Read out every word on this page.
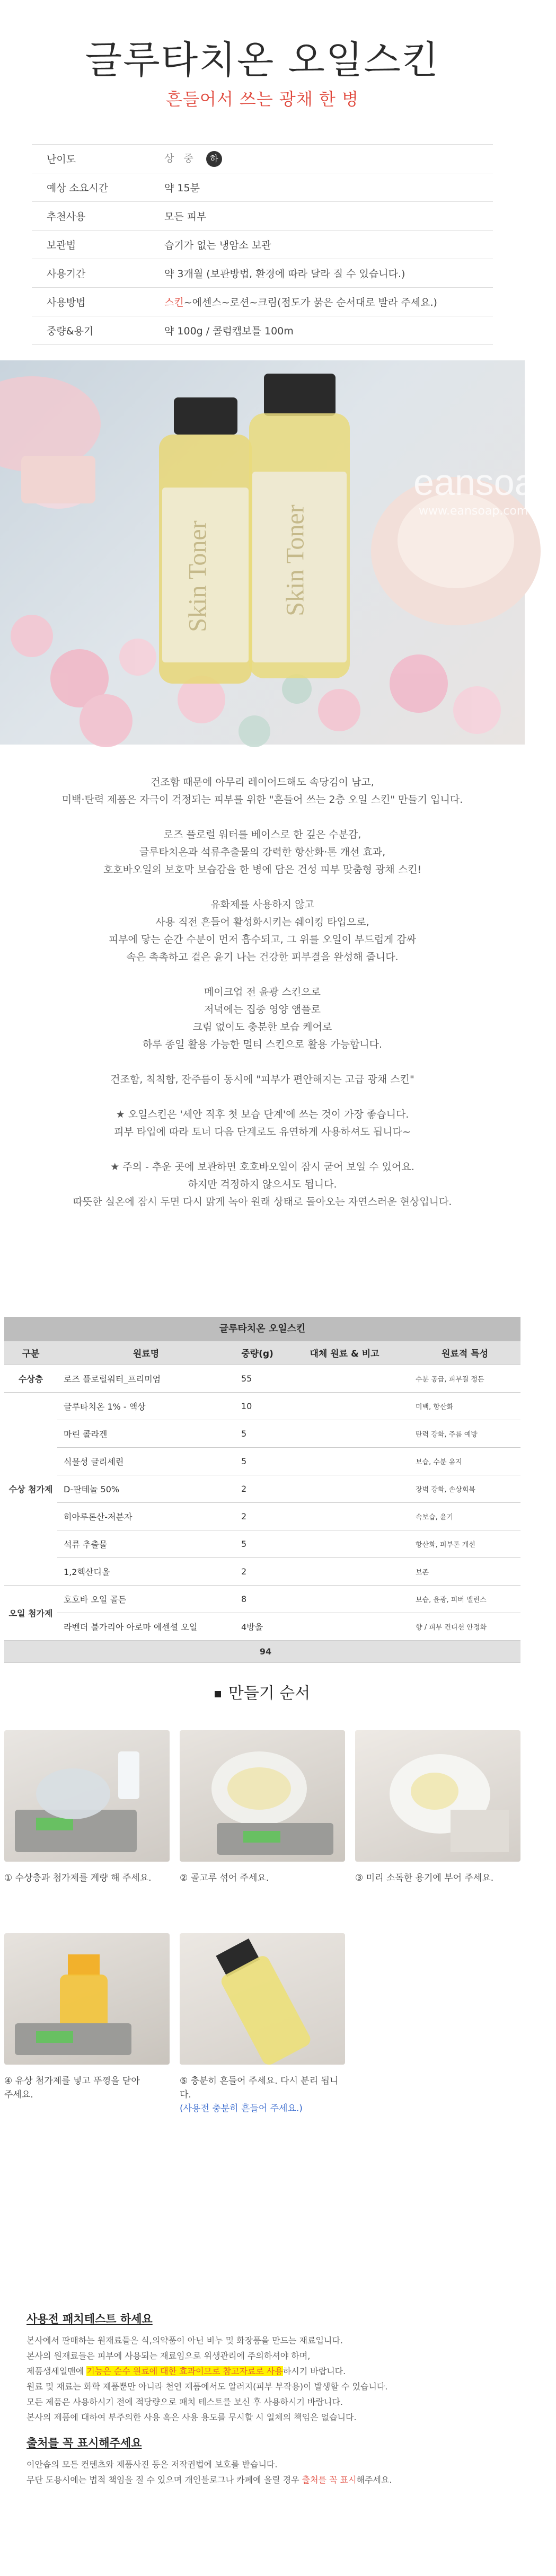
글루타치온 오일스킨
흔들어서 쓰는 광채 한 병
난이도	상 중 하
예상 소요시간	약 15분
추천사용	모든 피부
보관법	습기가 없는 냉암소 보관
사용기간	약 3개월 (보관방법, 환경에 따라 달라 질 수 있습니다.)
사용방법	스킨~에센스~로션~크림(점도가 묽은 순서대로 발라 주세요.)
중량&용기	약 100g / 콜럼캡보틀 100m
Skin Toner	Skin Toner
eansoap
www.eansoap.com

건조함 때문에 아무리 레이어드해도 속당김이 남고,
미백·탄력 제품은 자극이 걱정되는 피부를 위한 "흔들어 쓰는 2층 오일 스킨" 만들기 입니다.

로즈 플로럴 워터를 베이스로 한 깊은 수분감,
글루타치온과 석류추출물의 강력한 항산화·톤 개선 효과,
호호바오일의 보호막 보습감을 한 병에 담은 건성 피부 맞춤형 광채 스킨!

유화제를 사용하지 않고
사용 직전 흔들어 활성화시키는 쉐이킹 타입으로,
피부에 닿는 순간 수분이 먼저 흡수되고, 그 위를 오일이 부드럽게 감싸
속은 촉촉하고 겉은 윤기 나는 건강한 피부결을 완성해 줍니다.

메이크업 전 윤광 스킨으로
저녁에는 집중 영양 앰플로
크림 없이도 충분한 보습 케어로
하루 종일 활용 가능한 멀티 스킨으로 활용 가능합니다.

건조함, 칙칙함, 잔주름이 동시에 "피부가 편안해지는 고급 광채 스킨"

★ 오일스킨은 '세안 직후 첫 보습 단계'에 쓰는 것이 가장 좋습니다.
피부 타입에 따라 토너 다음 단계로도 유연하게 사용하셔도 됩니다~

★ 주의 - 추운 곳에 보관하면 호호바오일이 잠시 굳어 보일 수 있어요.
하지만 걱정하지 않으셔도 됩니다.
따뜻한 실온에 잠시 두면 다시 맑게 녹아 원래 상태로 돌아오는 자연스러운 현상입니다.

글루타치온 오일스킨
구분	원료명	중량(g)	대체 원료 & 비고	원료적 특성
수상층	로즈 플로럴워터_프리미엄	55		수분 공급, 피부결 정돈
수상 첨가제	글루타치온 1% - 액상	10		미백, 항산화
	마린 콜라겐	5		탄력 강화, 주름 예방
	식물성 글리세린	5		보습, 수분 유지
	D-판테놀 50%	2		장벽 강화, 손상회복
	히아루론산-저분자	2		속보습, 윤기
	석류 추출물	5		항산화, 피부톤 개선
	1,2헥산디올	2		보존
오일 첨가제	호호바 오일 골든	8		보습, 윤광, 피버 밸런스
	라벤더 불가리아 아로마 에센셜 오일	4방울		향 / 피부 컨디션 안정화
94				
만들기 순서
① 수상층과 첨가제를 계량 해 주세요.	② 골고루 섞어 주세요.	③ 미리 소독한 용기에 부어 주세요.
④ 유상 첨가제를 넣고 뚜껑을 닫아
주세요.
⑤ 충분히 흔들어 주세요. 다시 분리 됩니다.
(사용전 충분히 흔들어 주세요.)
사용전 패치테스트 하세요

본사에서 판매하는 원재료들은 식,의약품이 아닌 비누 및 화장품을 만드는 재료입니다.

본사의 원재료들은 피부에 사용되는 재료임으로 위생관리에 주의하셔야 하며,

제품생세일맨에 기능은 순수 원료에 대한 효과이므로 참고자료로 사용하시기 바랍니다.

원료 및 재료는 화학 제품뿐만 아니라 천연 제품에서도 알러지(피부 부작용)이 발생할 수 있습니다.

모든 제품은 사용하시기 전에 적당량으로 패치 테스트를 보신 후 사용하시기 바랍니다.

본사의 제품에 대하여 부주의한 사용 혹은 사용 용도를 무시할 시 일체의 책임은 없습니다.

출처를 꼭 표시해주세요

이안솝의 모든 컨텐츠와 제품사진 등은 저작권법에 보호를 받습니다.

무단 도용시에는 법적 책임을 질 수 있으며 개인블로그나 카페에 올릴 경우 출처를 꼭 표시해주세요.
